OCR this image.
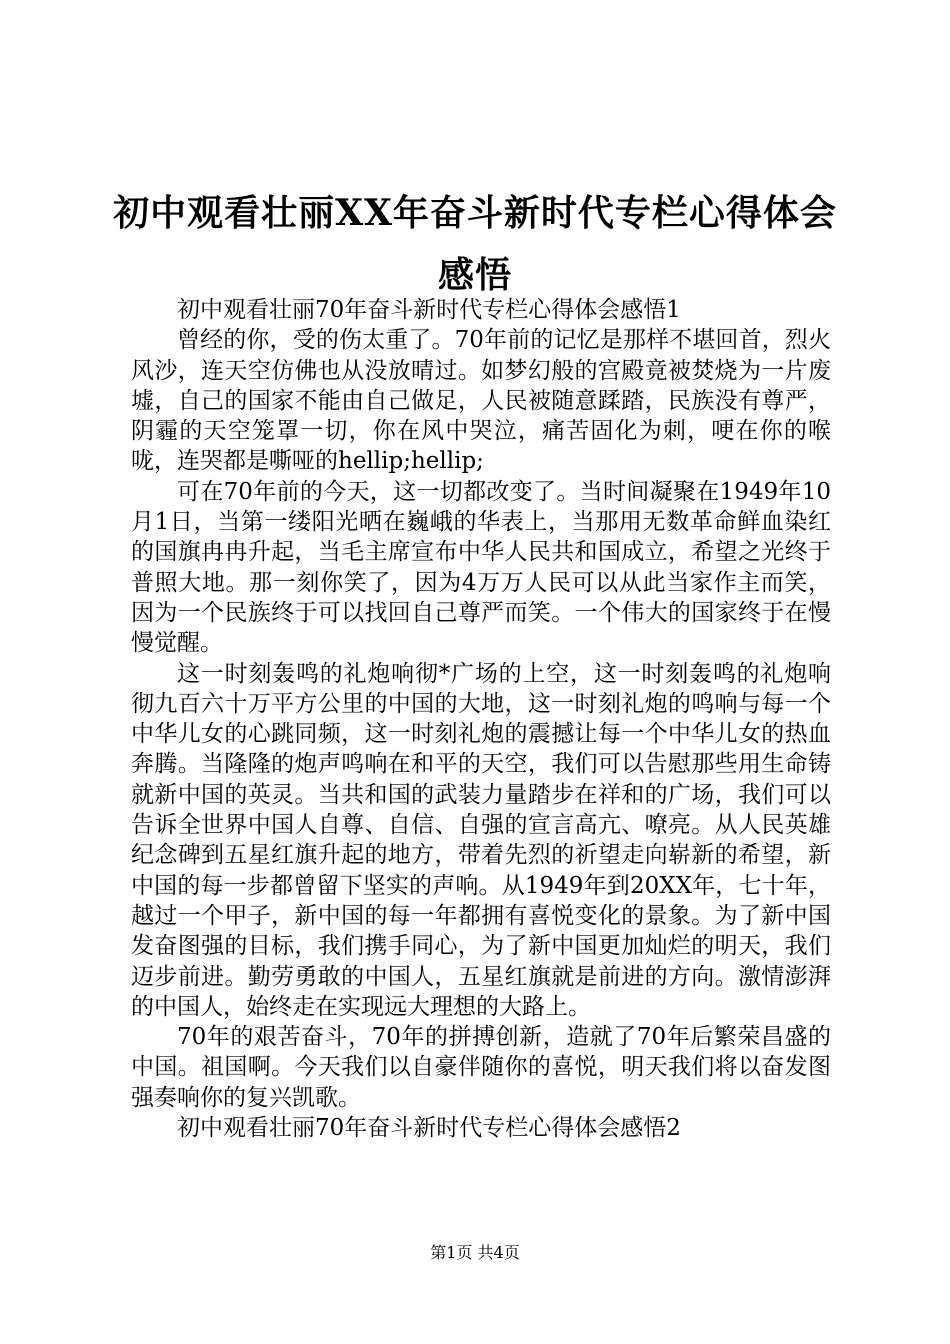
初中观看壮丽XX年奋斗新时代专栏心得体会感悟

初中观看壮丽70年奋斗新时代专栏心得体会感悟1

曾经的你，受的伤太重了。70年前的记忆是那样不堪回首，烈火风沙，连天空仿佛也从没放晴过。如梦幻般的宫殿竟被焚烧为一片废墟，自己的国家不能由自己做足，人民被随意蹂踏，民族没有尊严，阴霾的天空笼罩一切，你在风中哭泣，痛苦固化为刺，哽在你的喉咙，连哭都是嘶哑的hellip;hellip;

可在70年前的今天，这一切都改变了。当时间凝聚在1949年10月1日，当第一缕阳光晒在巍峨的华表上，当那用无数革命鲜血染红的国旗冉冉升起，当毛主席宣布中华人民共和国成立，希望之光终于普照大地。那一刻你笑了，因为4万万人民可以从此当家作主而笑，因为一个民族终于可以找回自己尊严而笑。一个伟大的国家终于在慢慢觉醒。

这一时刻轰鸣的礼炮响彻*广场的上空，这一时刻轰鸣的礼炮响彻九百六十万平方公里的中国的大地，这一时刻礼炮的鸣响与每一个中华儿女的心跳同频，这一时刻礼炮的震撼让每一个中华儿女的热血奔腾。当隆隆的炮声鸣响在和平的天空，我们可以告慰那些用生命铸就新中国的英灵。当共和国的武装力量踏步在祥和的广场，我们可以告诉全世界中国人自尊、自信、自强的宣言高亢、嘹亮。从人民英雄纪念碑到五星红旗升起的地方，带着先烈的祈望走向崭新的希望，新中国的每一步都曾留下坚实的声响。从1949年到20XX年，七十年，越过一个甲子，新中国的每一年都拥有喜悦变化的景象。为了新中国发奋图强的目标，我们携手同心，为了新中国更加灿烂的明天，我们迈步前进。勤劳勇敢的中国人，五星红旗就是前进的方向。激情澎湃的中国人，始终走在实现远大理想的大路上。

70年的艰苦奋斗，70年的拼搏创新，造就了70年后繁荣昌盛的中国。祖国啊。今天我们以自豪伴随你的喜悦，明天我们将以奋发图强奏响你的复兴凯歌。

初中观看壮丽70年奋斗新时代专栏心得体会感悟2

第1页 共4页
